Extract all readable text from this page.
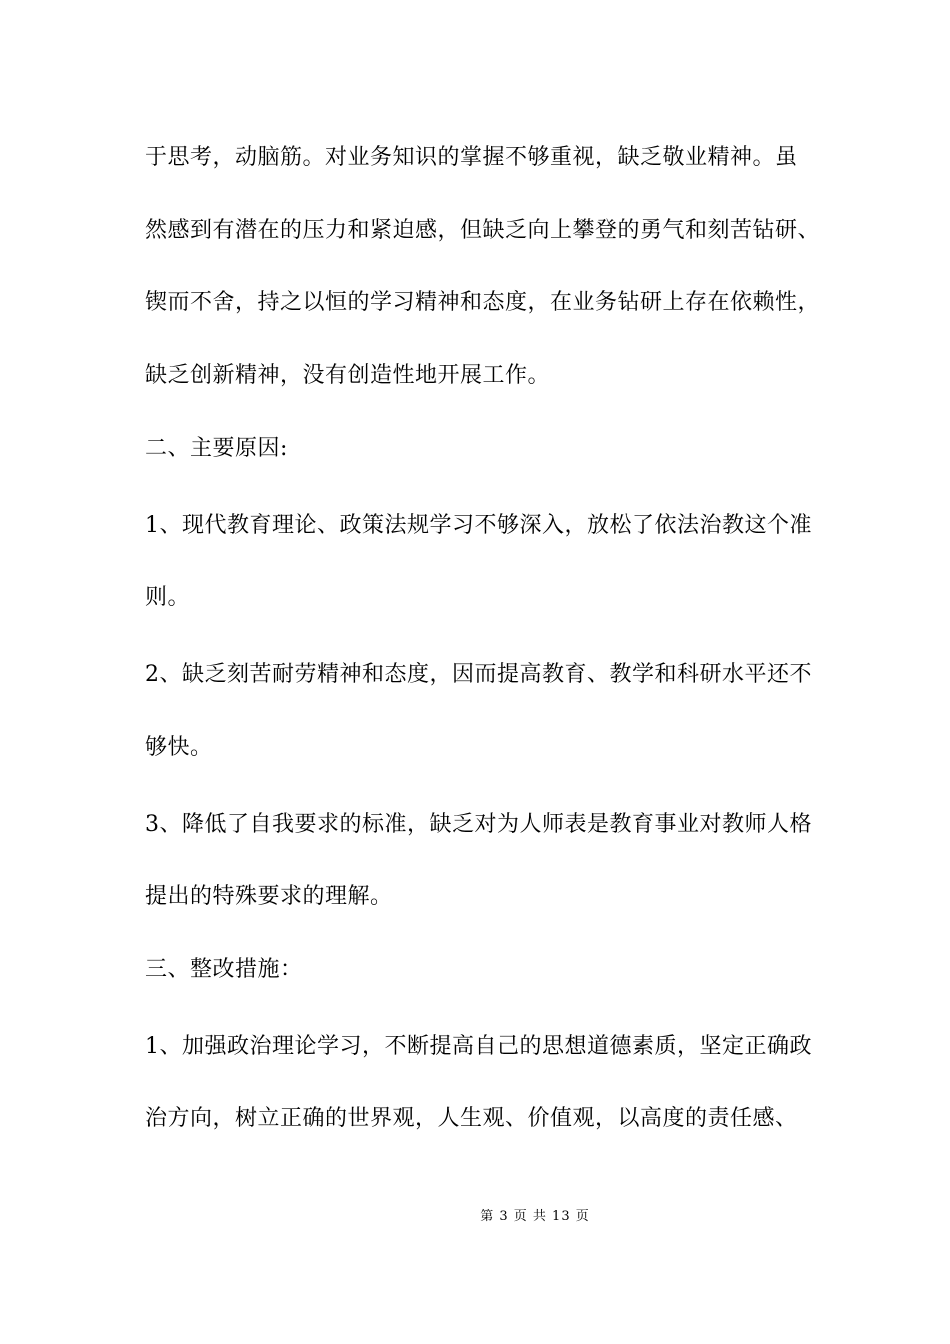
于思考，动脑筋。对业务知识的掌握不够重视，缺乏敬业精神。虽
然感到有潜在的压力和紧迫感，但缺乏向上攀登的勇气和刻苦钻研、
锲而不舍，持之以恒的学习精神和态度，在业务钻研上存在依赖性，
缺乏创新精神，没有创造性地开展工作。
二、主要原因:
1、现代教育理论、政策法规学习不够深入，放松了依法治教这个准
则。
2、缺乏刻苦耐劳精神和态度，因而提高教育、教学和科研水平还不
够快。
3、降低了自我要求的标准，缺乏对为人师表是教育事业对教师人格
提出的特殊要求的理解。
三、整改措施：
1、加强政治理论学习，不断提高自己的思想道德素质，坚定正确政
治方向，树立正确的世界观，人生观、价值观，以高度的责任感、
第 3 页 共 13 页
